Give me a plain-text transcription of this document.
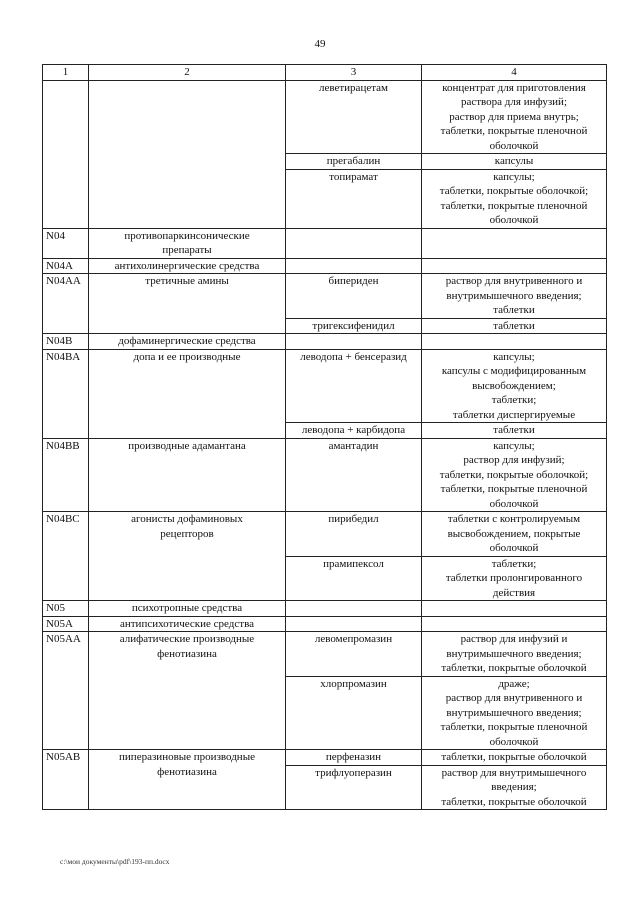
49
1	2	3	4
		леветирацетам	концентрат для приготовления
раствора для инфузий;
раствор для приема внутрь;
таблетки, покрытые пленочной
оболочкой
		прегабалин	капсулы
		топирамат	капсулы;
таблетки, покрытые оболочкой;
таблетки, покрытые пленочной
оболочкой
N04	противопаркинсонические
препараты		
N04A	антихолинергические средства		
N04AA	третичные амины	бипериден	раствор для внутривенного и
внутримышечного введения;
таблетки
		тригексифенидил	таблетки
N04B	дофаминергические средства		
N04BA	допа и ее производные	леводопа + бенсеразид	капсулы;
капсулы с модифицированным
высвобождением;
таблетки;
таблетки диспергируемые
		леводопа + карбидопа	таблетки
N04BB	производные адамантана	амантадин	капсулы;
раствор для инфузий;
таблетки, покрытые оболочкой;
таблетки, покрытые пленочной
оболочкой
N04BC	агонисты дофаминовых
рецепторов	пирибедил	таблетки с контролируемым
высвобождением, покрытые
оболочкой
		прамипексол	таблетки;
таблетки пролонгированного
действия
N05	психотропные средства		
N05A	антипсихотические средства		
N05AA	алифатические производные
фенотиазина	левомепромазин	раствор для инфузий и
внутримышечного введения;
таблетки, покрытые оболочкой
		хлорпромазин	драже;
раствор для внутривенного и
внутримышечного введения;
таблетки, покрытые пленочной
оболочкой
N05AB	пиперазиновые производные
фенотиазина	перфеназин	таблетки, покрытые оболочкой
		трифлуоперазин	раствор для внутримышечного
введения;
таблетки, покрытые оболочкой
c:\мои документы\pdf\193-пп.docx
